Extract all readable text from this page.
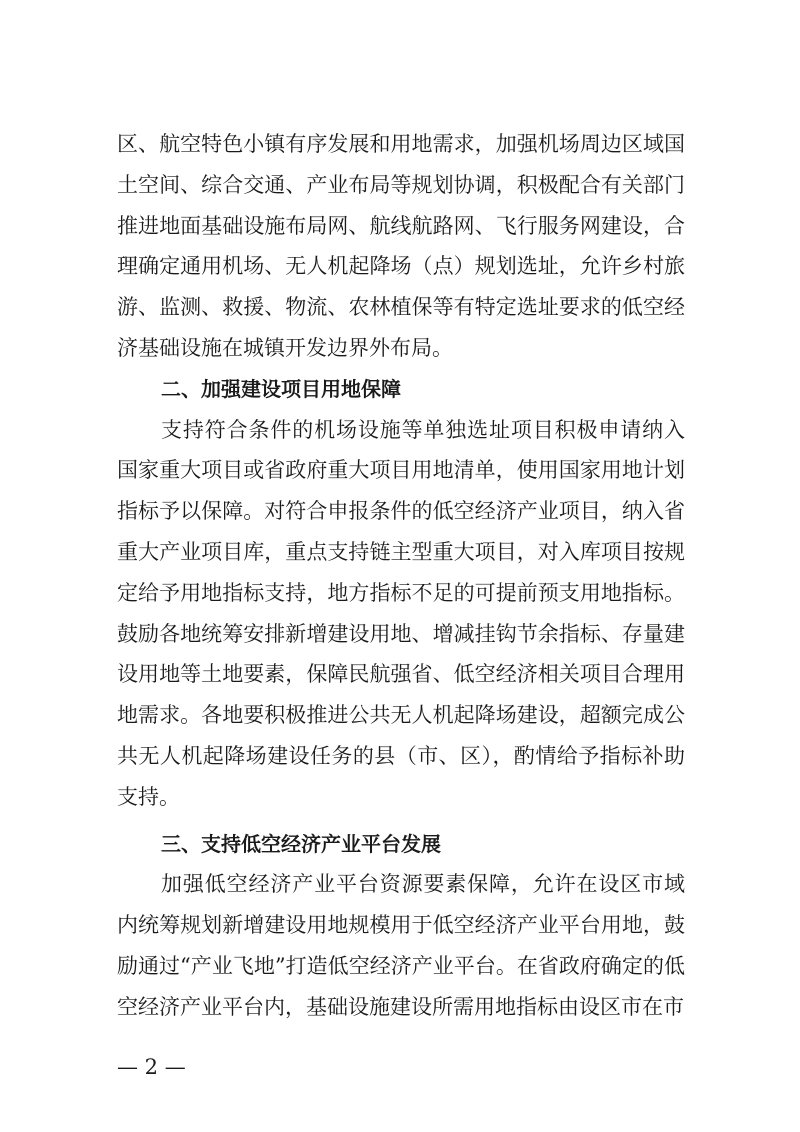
区、航空特色小镇有序发展和用地需求，加强机场周边区域国土空间、综合交通、产业布局等规划协调，积极配合有关部门推进地面基础设施布局网、航线航路网、飞行服务网建设，合理确定通用机场、无人机起降场（点）规划选址，允许乡村旅游、监测、救援、物流、农林植保等有特定选址要求的低空经济基础设施在城镇开发边界外布局。

二、加强建设项目用地保障

支持符合条件的机场设施等单独选址项目积极申请纳入国家重大项目或省政府重大项目用地清单，使用国家用地计划指标予以保障。对符合申报条件的低空经济产业项目，纳入省重大产业项目库，重点支持链主型重大项目，对入库项目按规定给予用地指标支持，地方指标不足的可提前预支用地指标。鼓励各地统筹安排新增建设用地、增减挂钩节余指标、存量建设用地等土地要素，保障民航强省、低空经济相关项目合理用地需求。各地要积极推进公共无人机起降场建设，超额完成公共无人机起降场建设任务的县（市、区），酌情给予指标补助支持。

三、支持低空经济产业平台发展

加强低空经济产业平台资源要素保障，允许在设区市域内统筹规划新增建设用地规模用于低空经济产业平台用地，鼓励通过“产业飞地”打造低空经济产业平台。在省政府确定的低空经济产业平台内，基础设施建设所需用地指标由设区市在市

— 2 —
